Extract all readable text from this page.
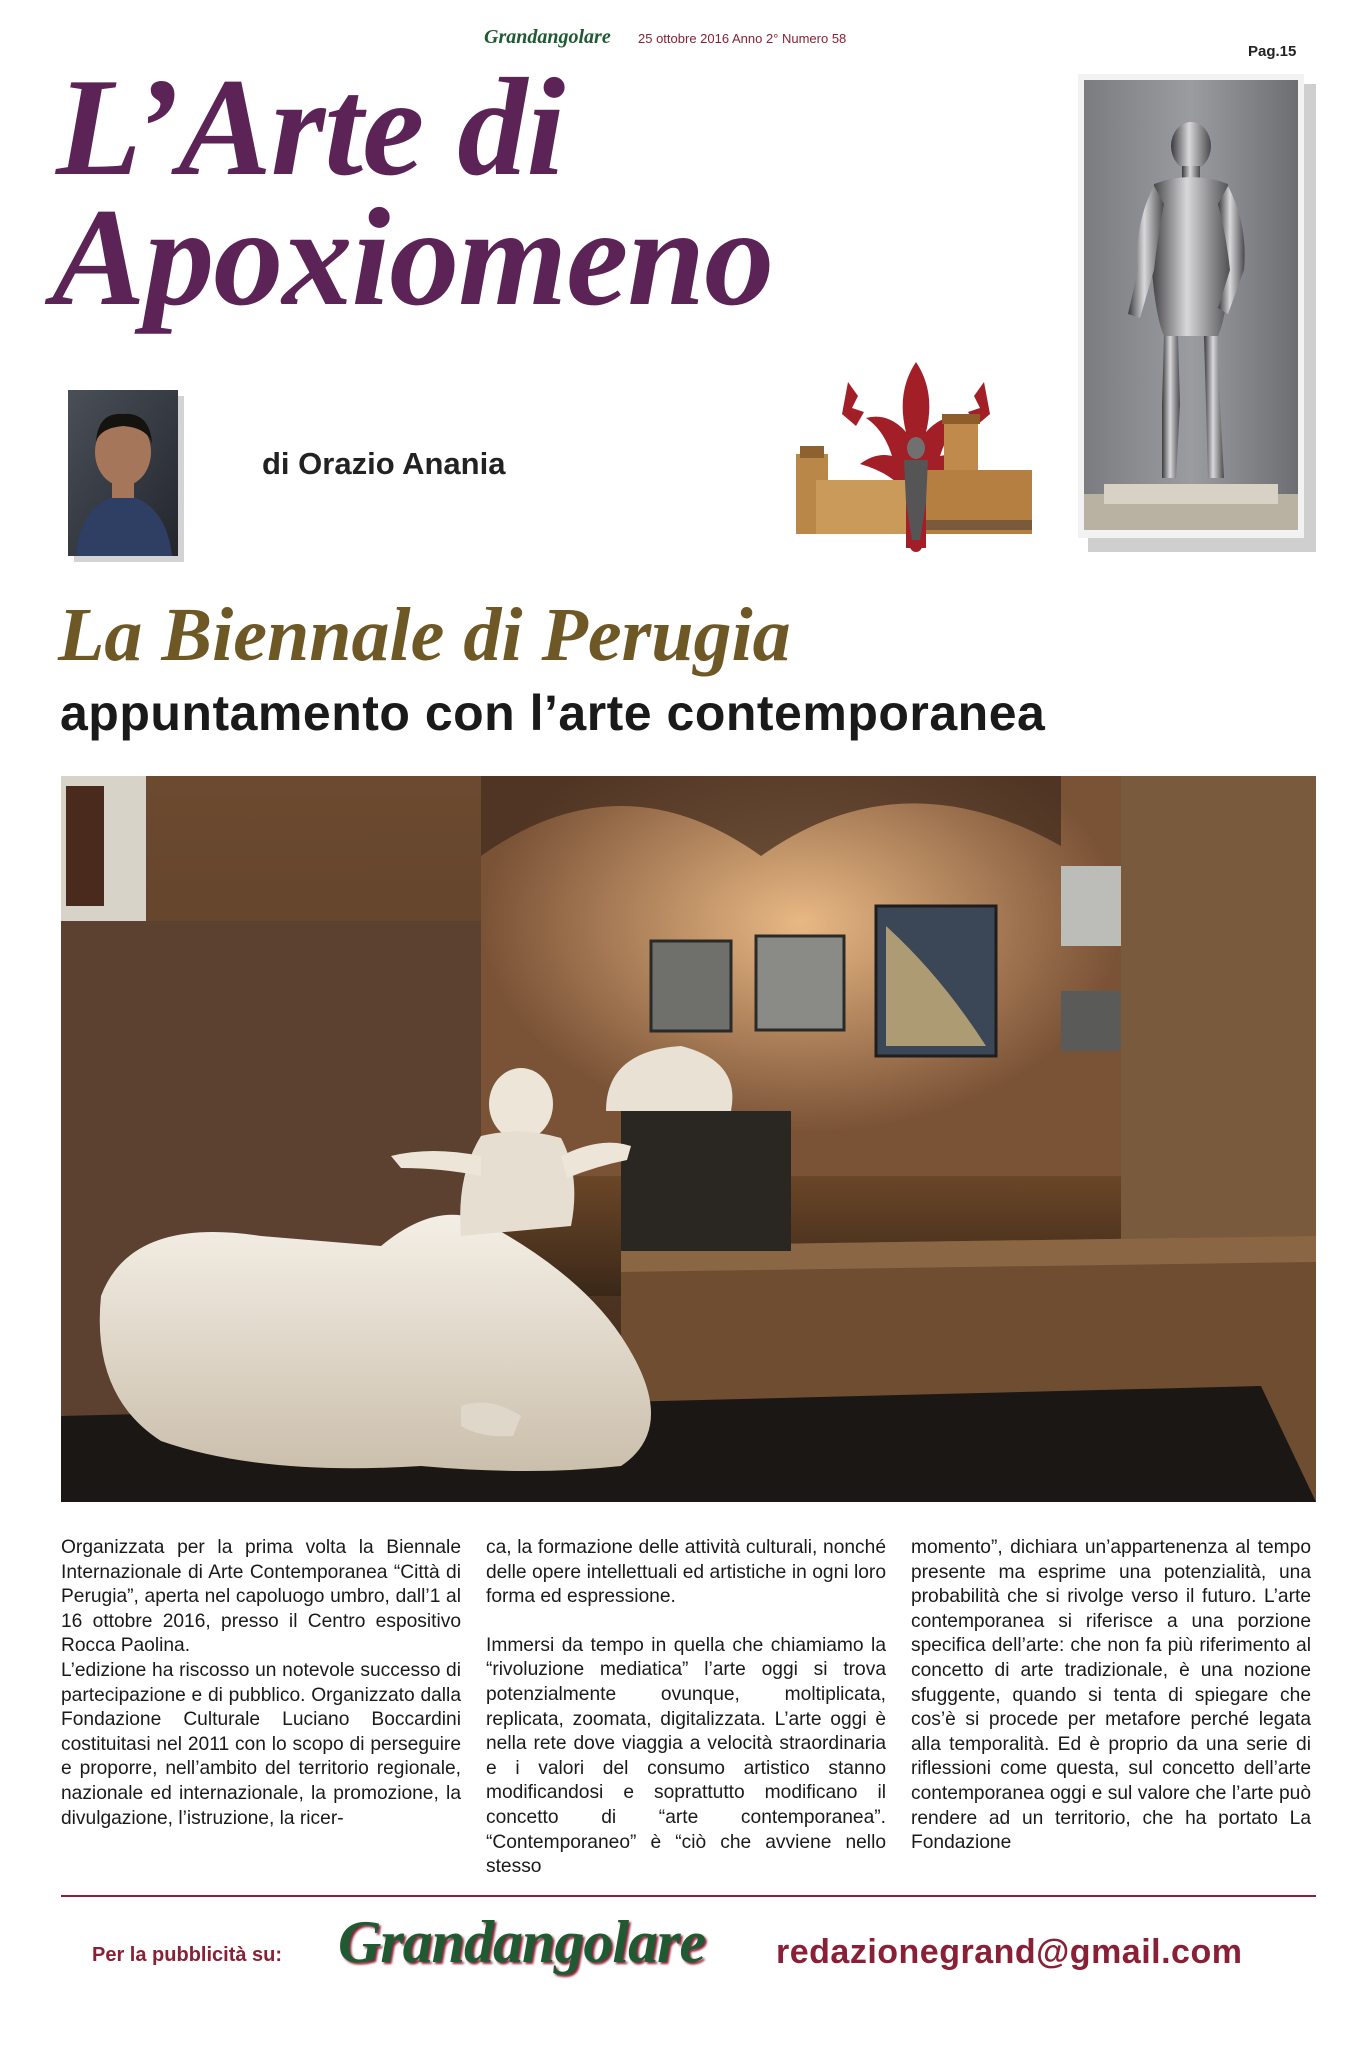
Grandangolare 25 ottobre 2016 Anno 2° Numero 58
Pag.15
L’Arte di
Apoxiomeno
di Orazio Anania
La Biennale di Perugia
appuntamento con l’arte contemporanea

Organizzata per la prima volta la Biennale Internazionale di Arte Contemporanea “Città di Perugia”, aperta nel capoluogo umbro, dall’1 al 16 ottobre 2016, presso il Centro espositivo Rocca Paolina.

L’edizione ha riscosso un notevole successo di partecipazione e di pubblico. Organizzato dalla Fondazione Culturale Luciano Boccardini costituitasi nel 2011 con lo scopo di perseguire e proporre, nell’ambito del territorio regionale, nazionale ed internazionale, la promozione, la divulgazione, l’istruzione, la ricer-

ca, la formazione delle attività culturali, nonché delle opere intellettuali ed artistiche in ogni loro forma ed espressione.

Immersi da tempo in quella che chiamiamo la “rivoluzione mediatica” l’arte oggi si trova potenzialmente ovunque, moltiplicata, replicata, zoomata, digitalizzata. L’arte oggi è nella rete dove viaggia a velocità straordinaria e i valori del consumo artistico stanno modificandosi e soprattutto modificano il concetto di “arte contemporanea”. “Contemporaneo” è “ciò che avviene nello stesso

momento”, dichiara un’appartenenza al tempo presente ma esprime una potenzialità, una probabilità che si rivolge verso il futuro. L’arte contemporanea si riferisce a una porzione specifica dell’arte: che non fa più riferimento al concetto di arte tradizionale, è una nozione sfuggente, quando si tenta di spiegare che cos’è si procede per metafore perché legata alla temporalità. Ed è proprio da una serie di riflessioni come questa, sul concetto dell’arte contemporanea oggi e sul valore che l’arte può rendere ad un territorio, che ha portato La Fondazione

Per la pubblicità su: Grandangolare redazionegrand@gmail.com
